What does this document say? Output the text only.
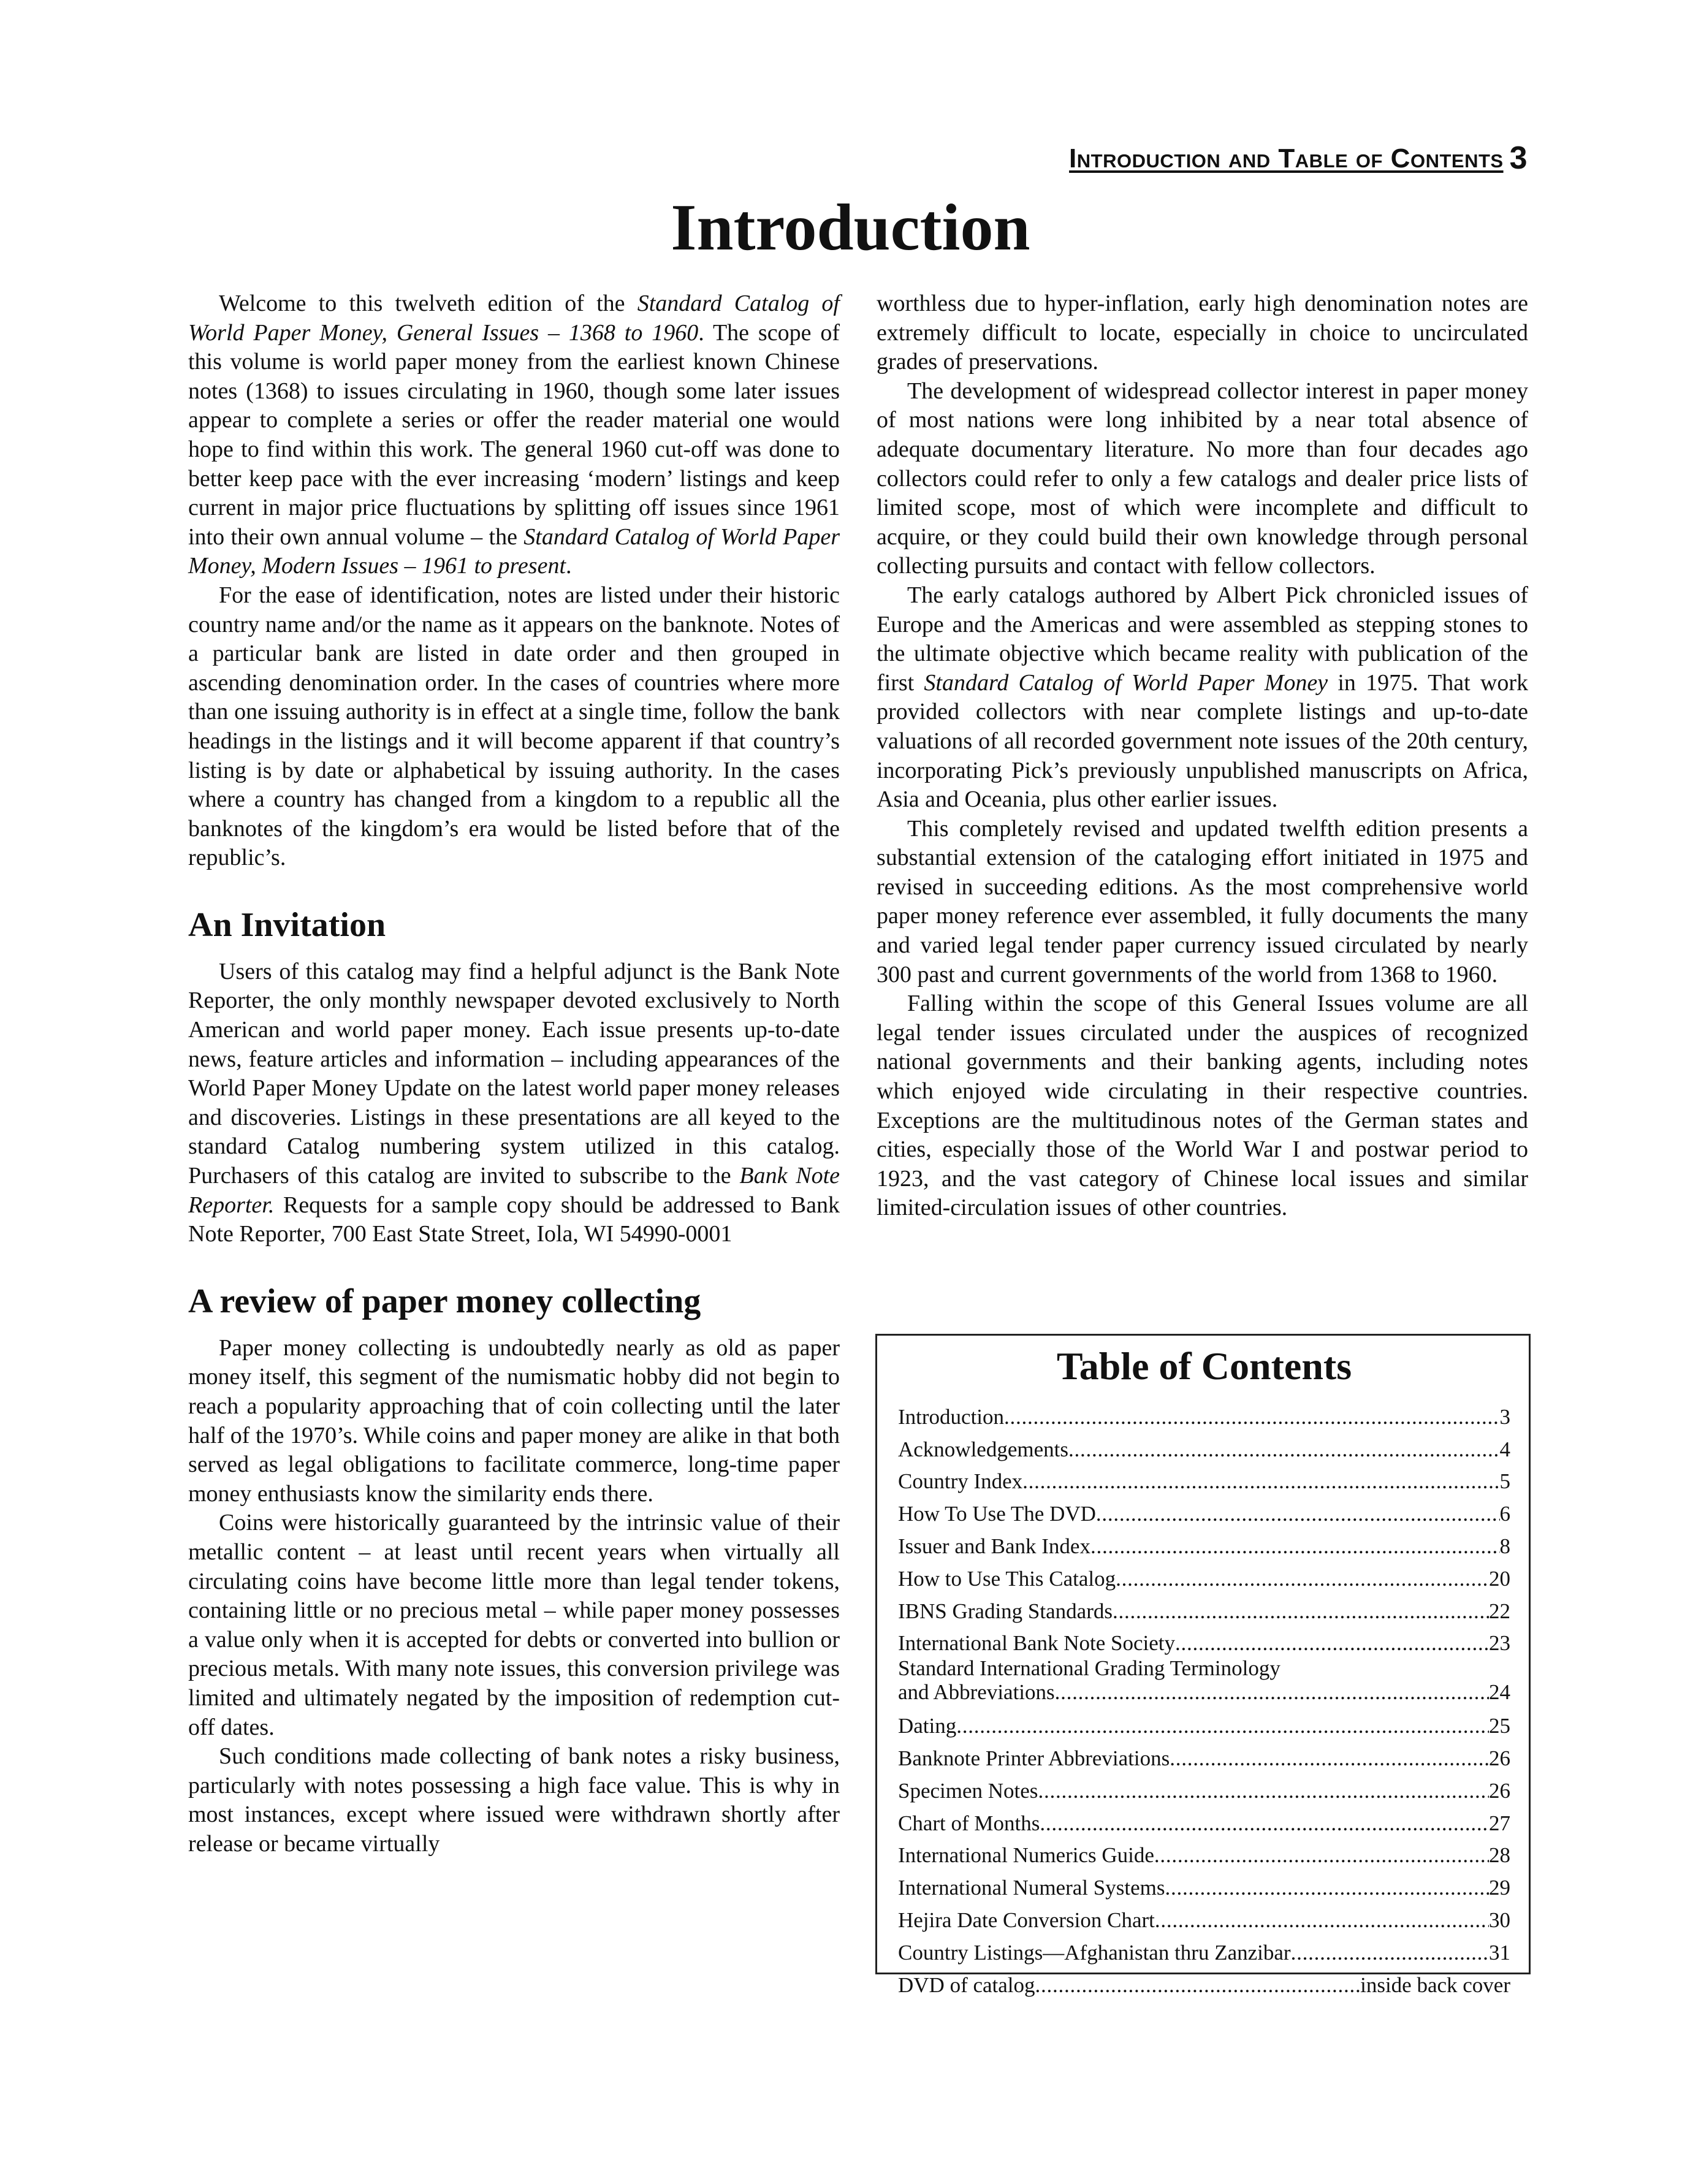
Introduction and Table of Contents 3
Introduction

Welcome to this twelveth edition of the Standard Catalog of World Paper Money, General Issues – 1368 to 1960. The scope of this volume is world paper money from the earliest known Chinese notes (1368) to issues circulating in 1960, though some later issues appear to complete a series or offer the reader material one would hope to find within this work. The general 1960 cut-off was done to better keep pace with the ever increasing ‘modern’ listings and keep current in major price fluctuations by splitting off issues since 1961 into their own annual volume – the Standard Catalog of World Paper Money, Modern Issues – 1961 to present.

For the ease of identification, notes are listed under their historic country name and/or the name as it appears on the banknote. Notes of a particular bank are listed in date order and then grouped in ascending denomination order. In the cases of countries where more than one issuing authority is in effect at a single time, follow the bank headings in the listings and it will become apparent if that country’s listing is by date or alphabetical by issuing authority. In the cases where a country has changed from a kingdom to a republic all the banknotes of the kingdom’s era would be listed before that of the republic’s.

An Invitation

Users of this catalog may find a helpful adjunct is the Bank Note Reporter, the only monthly newspaper devoted exclusively to North American and world paper money. Each issue presents up-to-date news, feature articles and information – including appearances of the World Paper Money Update on the latest world paper money releases and discoveries. Listings in these presentations are all keyed to the standard Catalog numbering system utilized in this catalog. Purchasers of this catalog are invited to subscribe to the Bank Note Reporter. Requests for a sample copy should be addressed to Bank Note Reporter, 700 East State Street, Iola, WI 54990-0001

A review of paper money collecting

Paper money collecting is undoubtedly nearly as old as paper money itself, this segment of the numismatic hobby did not begin to reach a popularity approaching that of coin collecting until the later half of the 1970’s. While coins and paper money are alike in that both served as legal obligations to facilitate commerce, long-time paper money enthusiasts know the similarity ends there.

Coins were historically guaranteed by the intrinsic value of their metallic content – at least until recent years when virtually all circulating coins have become little more than legal tender tokens, containing little or no precious metal – while paper money possesses a value only when it is accepted for debts or converted into bullion or precious metals. With many note issues, this conversion privilege was limited and ultimately negated by the imposition of redemption cut-off dates.

Such conditions made collecting of bank notes a risky business, particularly with notes possessing a high face value. This is why in most instances, except where issued were withdrawn shortly after release or became virtually

worthless due to hyper-inflation, early high denomination notes are extremely difficult to locate, especially in choice to uncirculated grades of preservations.

The development of widespread collector interest in paper money of most nations were long inhibited by a near total absence of adequate documentary literature. No more than four decades ago collectors could refer to only a few catalogs and dealer price lists of limited scope, most of which were incomplete and difficult to acquire, or they could build their own knowledge through personal collecting pursuits and contact with fellow collectors.

The early catalogs authored by Albert Pick chronicled issues of Europe and the Americas and were assembled as stepping stones to the ultimate objective which became reality with publication of the first Standard Catalog of World Paper Money in 1975. That work provided collectors with near complete listings and up-to-date valuations of all recorded government note issues of the 20th century, incorporating Pick’s previously unpublished manuscripts on Africa, Asia and Oceania, plus other earlier issues.

This completely revised and updated twelfth edition presents a substantial extension of the cataloging effort initiated in 1975 and revised in succeeding editions. As the most comprehensive world paper money reference ever assembled, it fully documents the many and varied legal tender paper currency issued circulated by nearly 300 past and current governments of the world from 1368 to 1960.

Falling within the scope of this General Issues volume are all legal tender issues circulated under the auspices of recognized national governments and their banking agents, including notes which enjoyed wide circulating in their respective countries. Exceptions are the multitudinous notes of the German states and cities, especially those of the World War I and postwar period to 1923, and the vast category of Chinese local issues and similar limited-circulation issues of other countries.

Table of Contents
Introduction . . .	3
Acknowledgements . . .	4
Country Index . . .	5
How To Use The DVD . . .	6
Issuer and Bank Index . . .	8
How to Use This Catalog . . .	20
IBNS Grading Standards . . .	22
International Bank Note Society . . .	23
Standard International Grading Terminology
and Abbreviations . . .	24
Dating . . .	25
Banknote Printer Abbreviations . . .	26
Specimen Notes . . .	26
Chart of Months . . .	27
International Numerics Guide . . .	28
International Numeral Systems . . .	29
Hejira Date Conversion Chart . . .	30
Country Listings—Afghanistan thru Zanzibar . . .	31
DVD of catalog . . .	inside back cover
